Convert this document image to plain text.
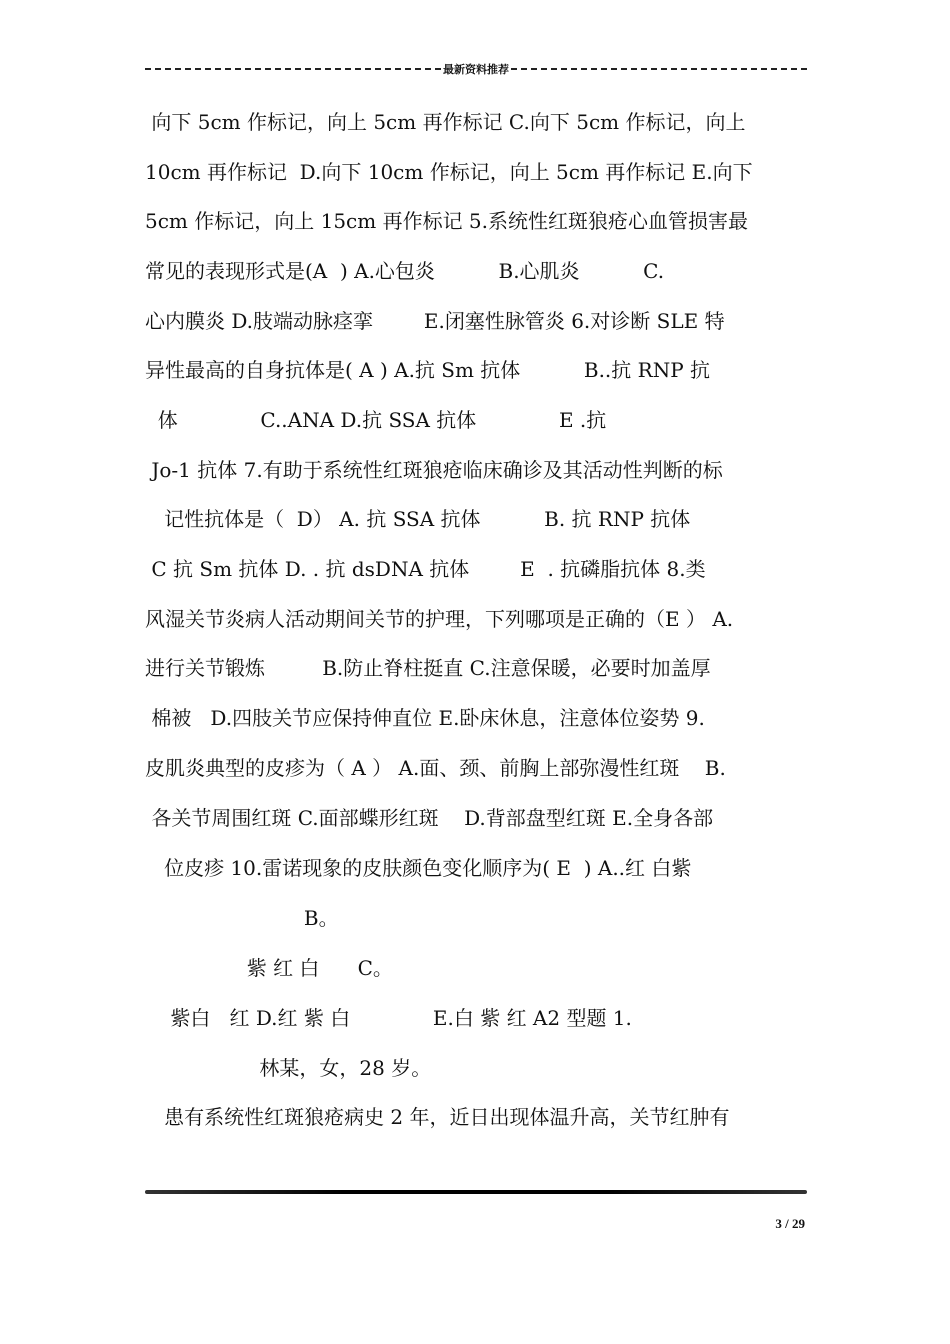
最新资料推荐
向下 5cm 作标记，向上 5cm 再作标记 C.向下 5cm 作标记，向上
10cm 再作标记  D.向下 10cm 作标记，向上 5cm 再作标记 E.向下
5cm 作标记，向上 15cm 再作标记 5.系统性红斑狼疮心血管损害最
常见的表现形式是(A  ) A.心包炎          B.心肌炎          C.
心内膜炎 D.肢端动脉痉挛        E.闭塞性脉管炎 6.对诊断 SLE 特
异性最高的自身抗体是( A ) A.抗 Sm 抗体          B..抗 RNP 抗
体             C..ANA D.抗 SSA 抗体             E .抗
Jo-1 抗体 7.有助于系统性红斑狼疮临床确诊及其活动性判断的标
记性抗体是（  D） A. 抗 SSA 抗体          B. 抗 RNP 抗体
C 抗 Sm 抗体 D. . 抗 dsDNA 抗体        E  . 抗磷脂抗体 8.类
风湿关节炎病人活动期间关节的护理，下列哪项是正确的（E ） A.
进行关节锻炼         B.防止脊柱挺直 C.注意保暖，必要时加盖厚
棉被   D.四肢关节应保持伸直位 E.卧床休息，注意体位姿势 9.
皮肌炎典型的皮疹为（ A ） A.面、颈、前胸上部弥漫性红斑    B.
各关节周围红斑 C.面部蝶形红斑    D.背部盘型红斑 E.全身各部
位皮疹 10.雷诺现象的皮肤颜色变化顺序为( E  ) A..红 白紫
B。
紫 红 白      C。
紫白   红 D.红 紫 白             E.白 紫 红 A2 型题 1.
林某，女，28 岁。
患有系统性红斑狼疮病史 2 年，近日出现体温升高，关节红肿有
3 / 29
